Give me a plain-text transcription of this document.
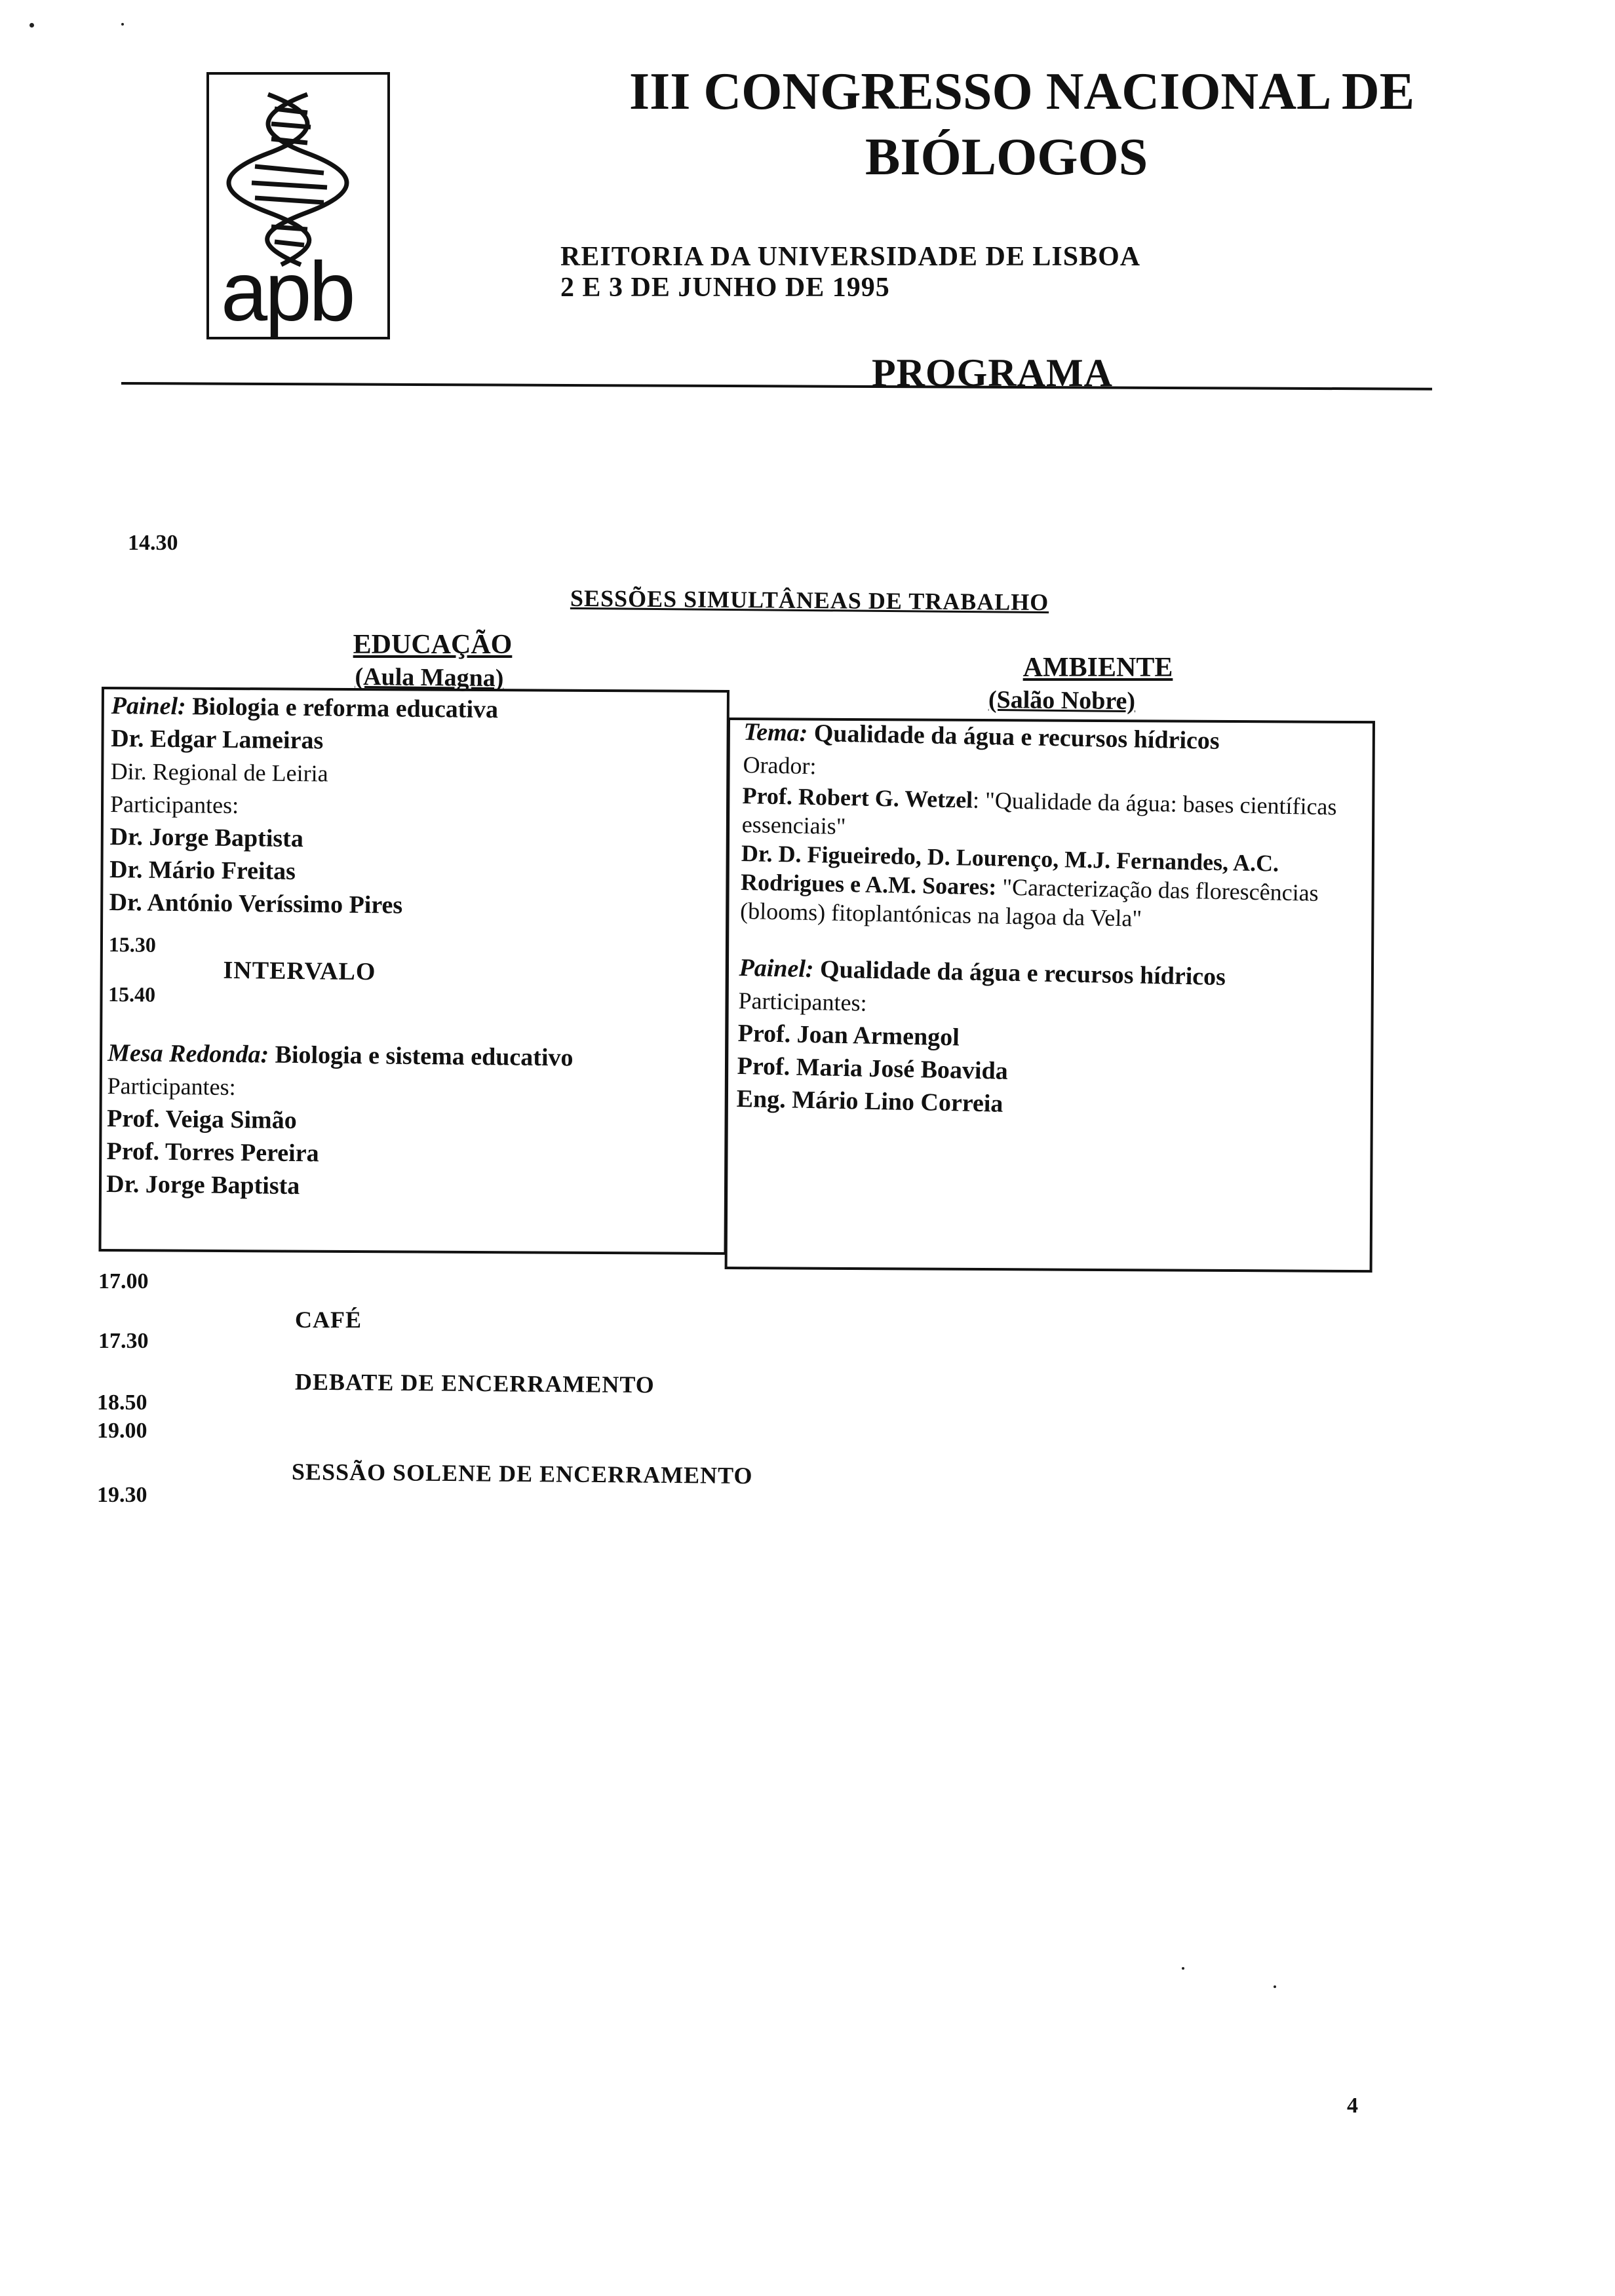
apb
III CONGRESSO NACIONAL DE
BIÓLOGOS
REITORIA DA UNIVERSIDADE DE LISBOA
2 E 3 DE JUNHO DE 1995
PROGRAMA
14.30
SESSÕES SIMULTÂNEAS DE TRABALHO
EDUCAÇÃO
(Aula Magna)	AMBIENTE
(Salão Nobre)
Painel: Biologia e reforma educativa
Dr. Edgar Lameiras
Dir. Regional de Leiria
Participantes:
Dr. Jorge Baptista
Dr. Mário Freitas
Dr. António Veríssimo Pires
15.30
INTERVALO
15.40
Mesa Redonda: Biologia e sistema educativo
Participantes:
Prof. Veiga Simão
Prof. Torres Pereira
Dr. Jorge Baptista
Tema: Qualidade da água e recursos hídricos
Orador:
Prof. Robert G. Wetzel: "Qualidade da água: bases científicas essenciais"
Dr. D. Figueiredo, D. Lourenço, M.J. Fernandes, A.C. Rodrigues e A.M. Soares: "Caracterização das florescências (blooms) fitoplantónicas na lagoa da Vela"
Painel: Qualidade da água e recursos hídricos
Participantes:
Prof. Joan Armengol
Prof. Maria José Boavida
Eng. Mário Lino Correia
17.00
CAFÉ
17.30
DEBATE DE ENCERRAMENTO
18.50
19.00
SESSÃO SOLENE DE ENCERRAMENTO
19.30
4
